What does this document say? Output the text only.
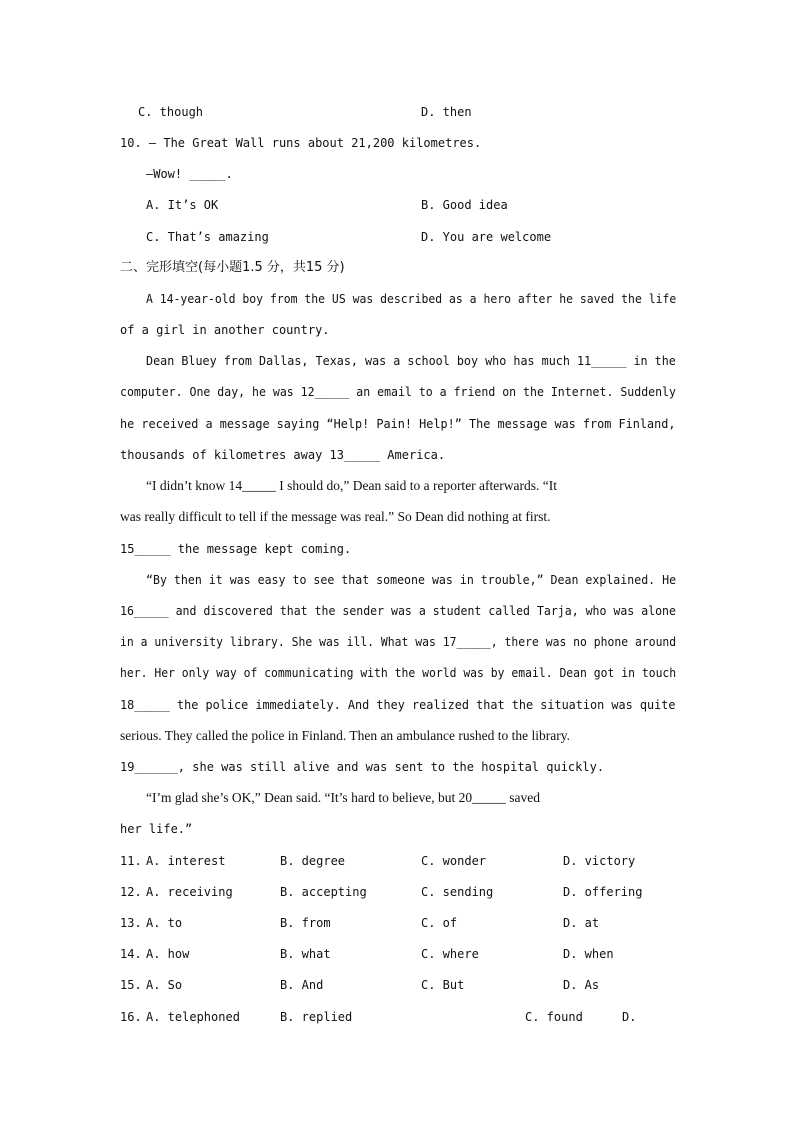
C. though	D. then
10. — The Great Wall runs about 21,200 kilometres.
—Wow! _____.
A. It’s OK	B. Good idea
C. That’s amazing	D. You are welcome
二、完形填空(每小题1.5 分，共15 分)
A 14-year-old boy from the US was described as a hero after he saved the life
of a girl in another country.
Dean Bluey from Dallas, Texas, was a school boy who has much 11_____ in the
computer. One day, he was 12_____ an email to a friend on the Internet. Suddenly
he received a message saying “Help! Pain! Help!” The message was from Finland,
thousands of kilometres away 13_____ America.
“I didn’t know 14_____ I should do,” Dean said to a reporter afterwards. “It
was really difficult to tell if the message was real.” So Dean did nothing at first.
15_____ the message kept coming.
“By then it was easy to see that someone was in trouble,” Dean explained. He
16_____ and discovered that the sender was a student called Tarja, who was alone
in a university library. She was ill. What was 17_____, there was no phone around
her. Her only way of communicating with the world was by email. Dean got in touch
18_____ the police immediately. And they realized that the situation was quite
serious. They called the police in Finland. Then an ambulance rushed to the library.
19______, she was still alive and was sent to the hospital quickly.
“I’m glad she’s OK,” Dean said. “It’s hard to believe, but 20_____ saved
her life.”
11. A. interest	B. degree	C. wonder	D. victory
12. A. receiving	B. accepting	C. sending	D. offering
13. A. to	B. from	C. of	D. at
14. A. how	B. what	C. where	D. when
15. A. So	B. And	C. But	D. As
16. A. telephoned	B. replied	C. found	D.
